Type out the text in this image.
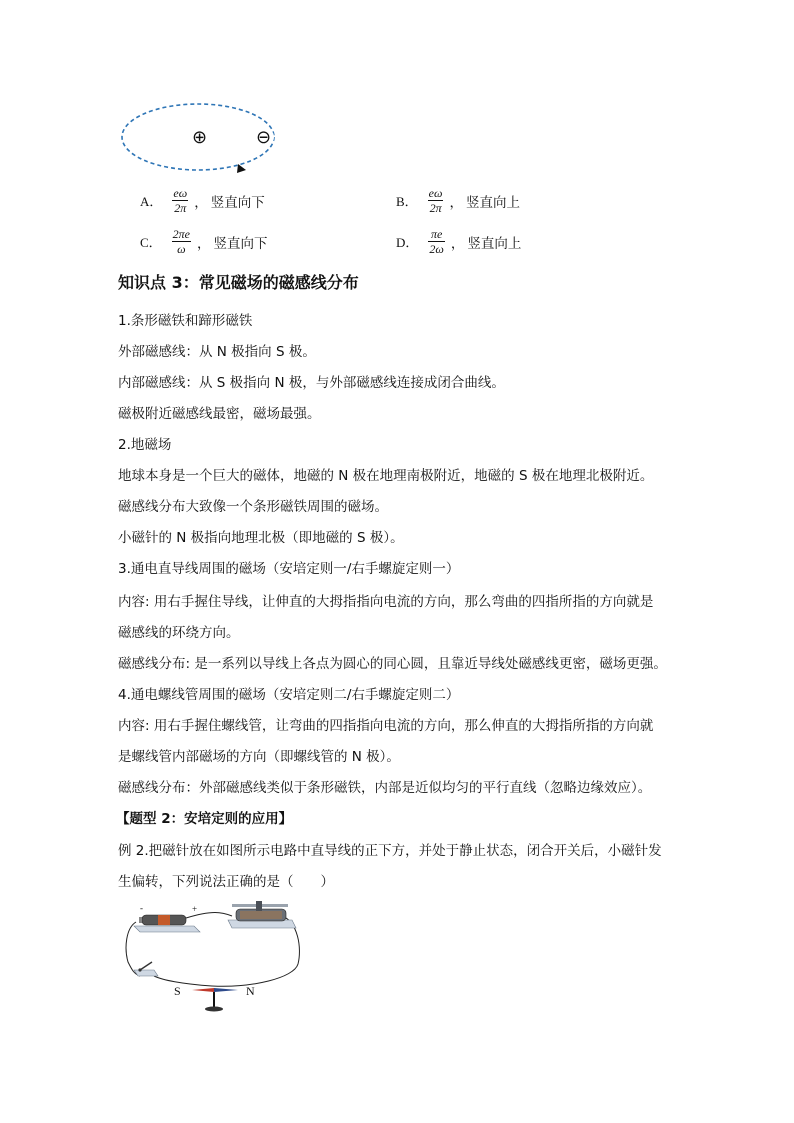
⊕	⊖
A． $\frac{e\omega}{2\pi}$ ， 竖直向下	B． $\frac{e\omega}{2\pi}$ ， 竖直向上
C． $\frac{2\pi e}{\omega}$ ， 竖直向下	D． $\frac{\pi e}{2\omega}$ ， 竖直向上
知识点 3：常见磁场的磁感线分布
1.条形磁铁和蹄形磁铁
外部磁感线：从 N 极指向 S 极。
内部磁感线：从 S 极指向 N 极，与外部磁感线连接成闭合曲线。
磁极附近磁感线最密，磁场最强。
2.地磁场
地球本身是一个巨大的磁体，地磁的 N 极在地理南极附近，地磁的 S 极在地理北极附近。
磁感线分布大致像一个条形磁铁周围的磁场。
小磁针的 N 极指向地理北极（即地磁的 S 极）。
3.通电直导线周围的磁场（安培定则一/右手螺旋定则一）
内容: 用右手握住导线，让伸直的大拇指指向电流的方向，那么弯曲的四指所指的方向就是
磁感线的环绕方向。
磁感线分布: 是一系列以导线上各点为圆心的同心圆，且靠近导线处磁感线更密，磁场更强。
4.通电螺线管周围的磁场（安培定则二/右手螺旋定则二）
内容: 用右手握住螺线管，让弯曲的四指指向电流的方向，那么伸直的大拇指所指的方向就
是螺线管内部磁场的方向（即螺线管的 N 极）。
磁感线分布：外部磁感线类似于条形磁铁，内部是近似均匀的平行直线（忽略边缘效应）。
【题型 2：安培定则的应用】
例 2.把磁针放在如图所示电路中直导线的正下方，并处于静止状态，闭合开关后，小磁针发
生偏转，下列说法正确的是（　　）
-	+
S	N
